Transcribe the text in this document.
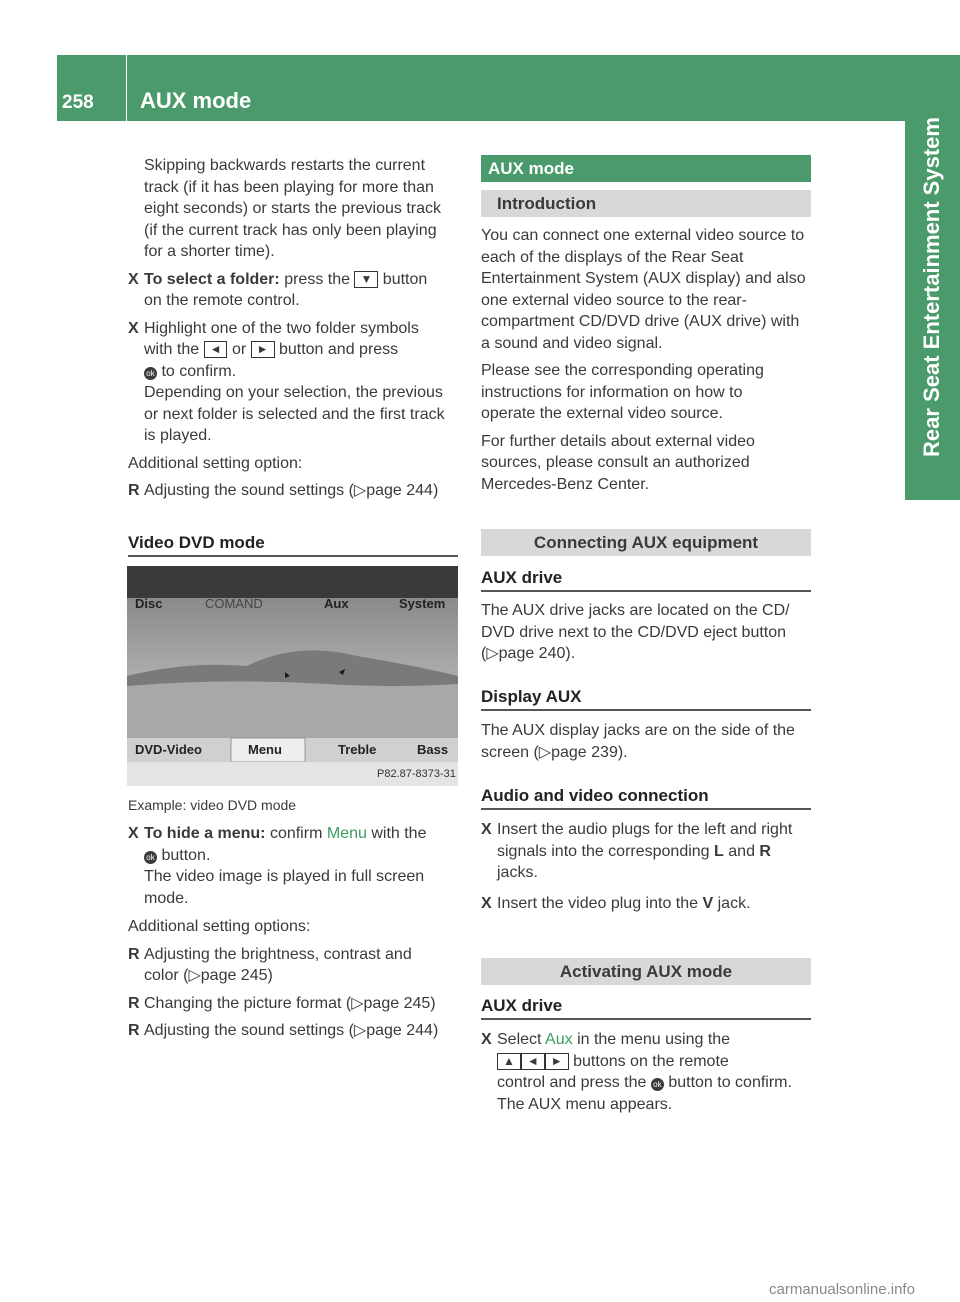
258 AUX mode
Rear Seat Entertainment System

Skipping backwards restarts the current

track (if it has been playing for more than

eight seconds) or starts the previous track

(if the current track has only been playing

for a shorter time).

X To select a folder: press the ▼ button

on the remote control.

X Highlight one of the two folder symbols

with the ◄ or ► button and press

ok to confirm.

Depending on your selection, the previous

or next folder is selected and the first track

is played.

Additional setting option:

R Adjusting the sound settings (▷page 244)

Video DVD mode
Disc	COMAND	Aux	System
DVD-Video	Menu	Treble	Bass
P82.87-8373-31
Example: video DVD mode
X To hide a menu: confirm Menu with the

ok button.

The video image is played in full screen

mode.

Additional setting options:

R Adjusting the brightness, contrast and

color (▷page 245)

R Changing the picture format (▷page 245)

R Adjusting the sound settings (▷page 244)

AUX mode
Introduction

You can connect one external video source to

each of the displays of the Rear Seat

Entertainment System (AUX display) and also

one external video source to the rear-

compartment CD/DVD drive (AUX drive) with

a sound and video signal.

Please see the corresponding operating

instructions for information on how to

operate the external video source.

For further details about external video

sources, please consult an authorized

Mercedes-Benz Center.

Connecting AUX equipment
AUX drive

The AUX drive jacks are located on the CD/

DVD drive next to the CD/DVD eject button

(▷page 240).

Display AUX

The AUX display jacks are on the side of the

screen (▷page 239).

Audio and video connection
X Insert the audio plugs for the left and right

signals into the corresponding L and R

jacks.

X Insert the video plug into the V jack.

Activating AUX mode
AUX drive
X Select Aux in the menu using the

▲ ◄ ► buttons on the remote

control and press the ok button to confirm.

The AUX menu appears.

carmanualsonline.info
